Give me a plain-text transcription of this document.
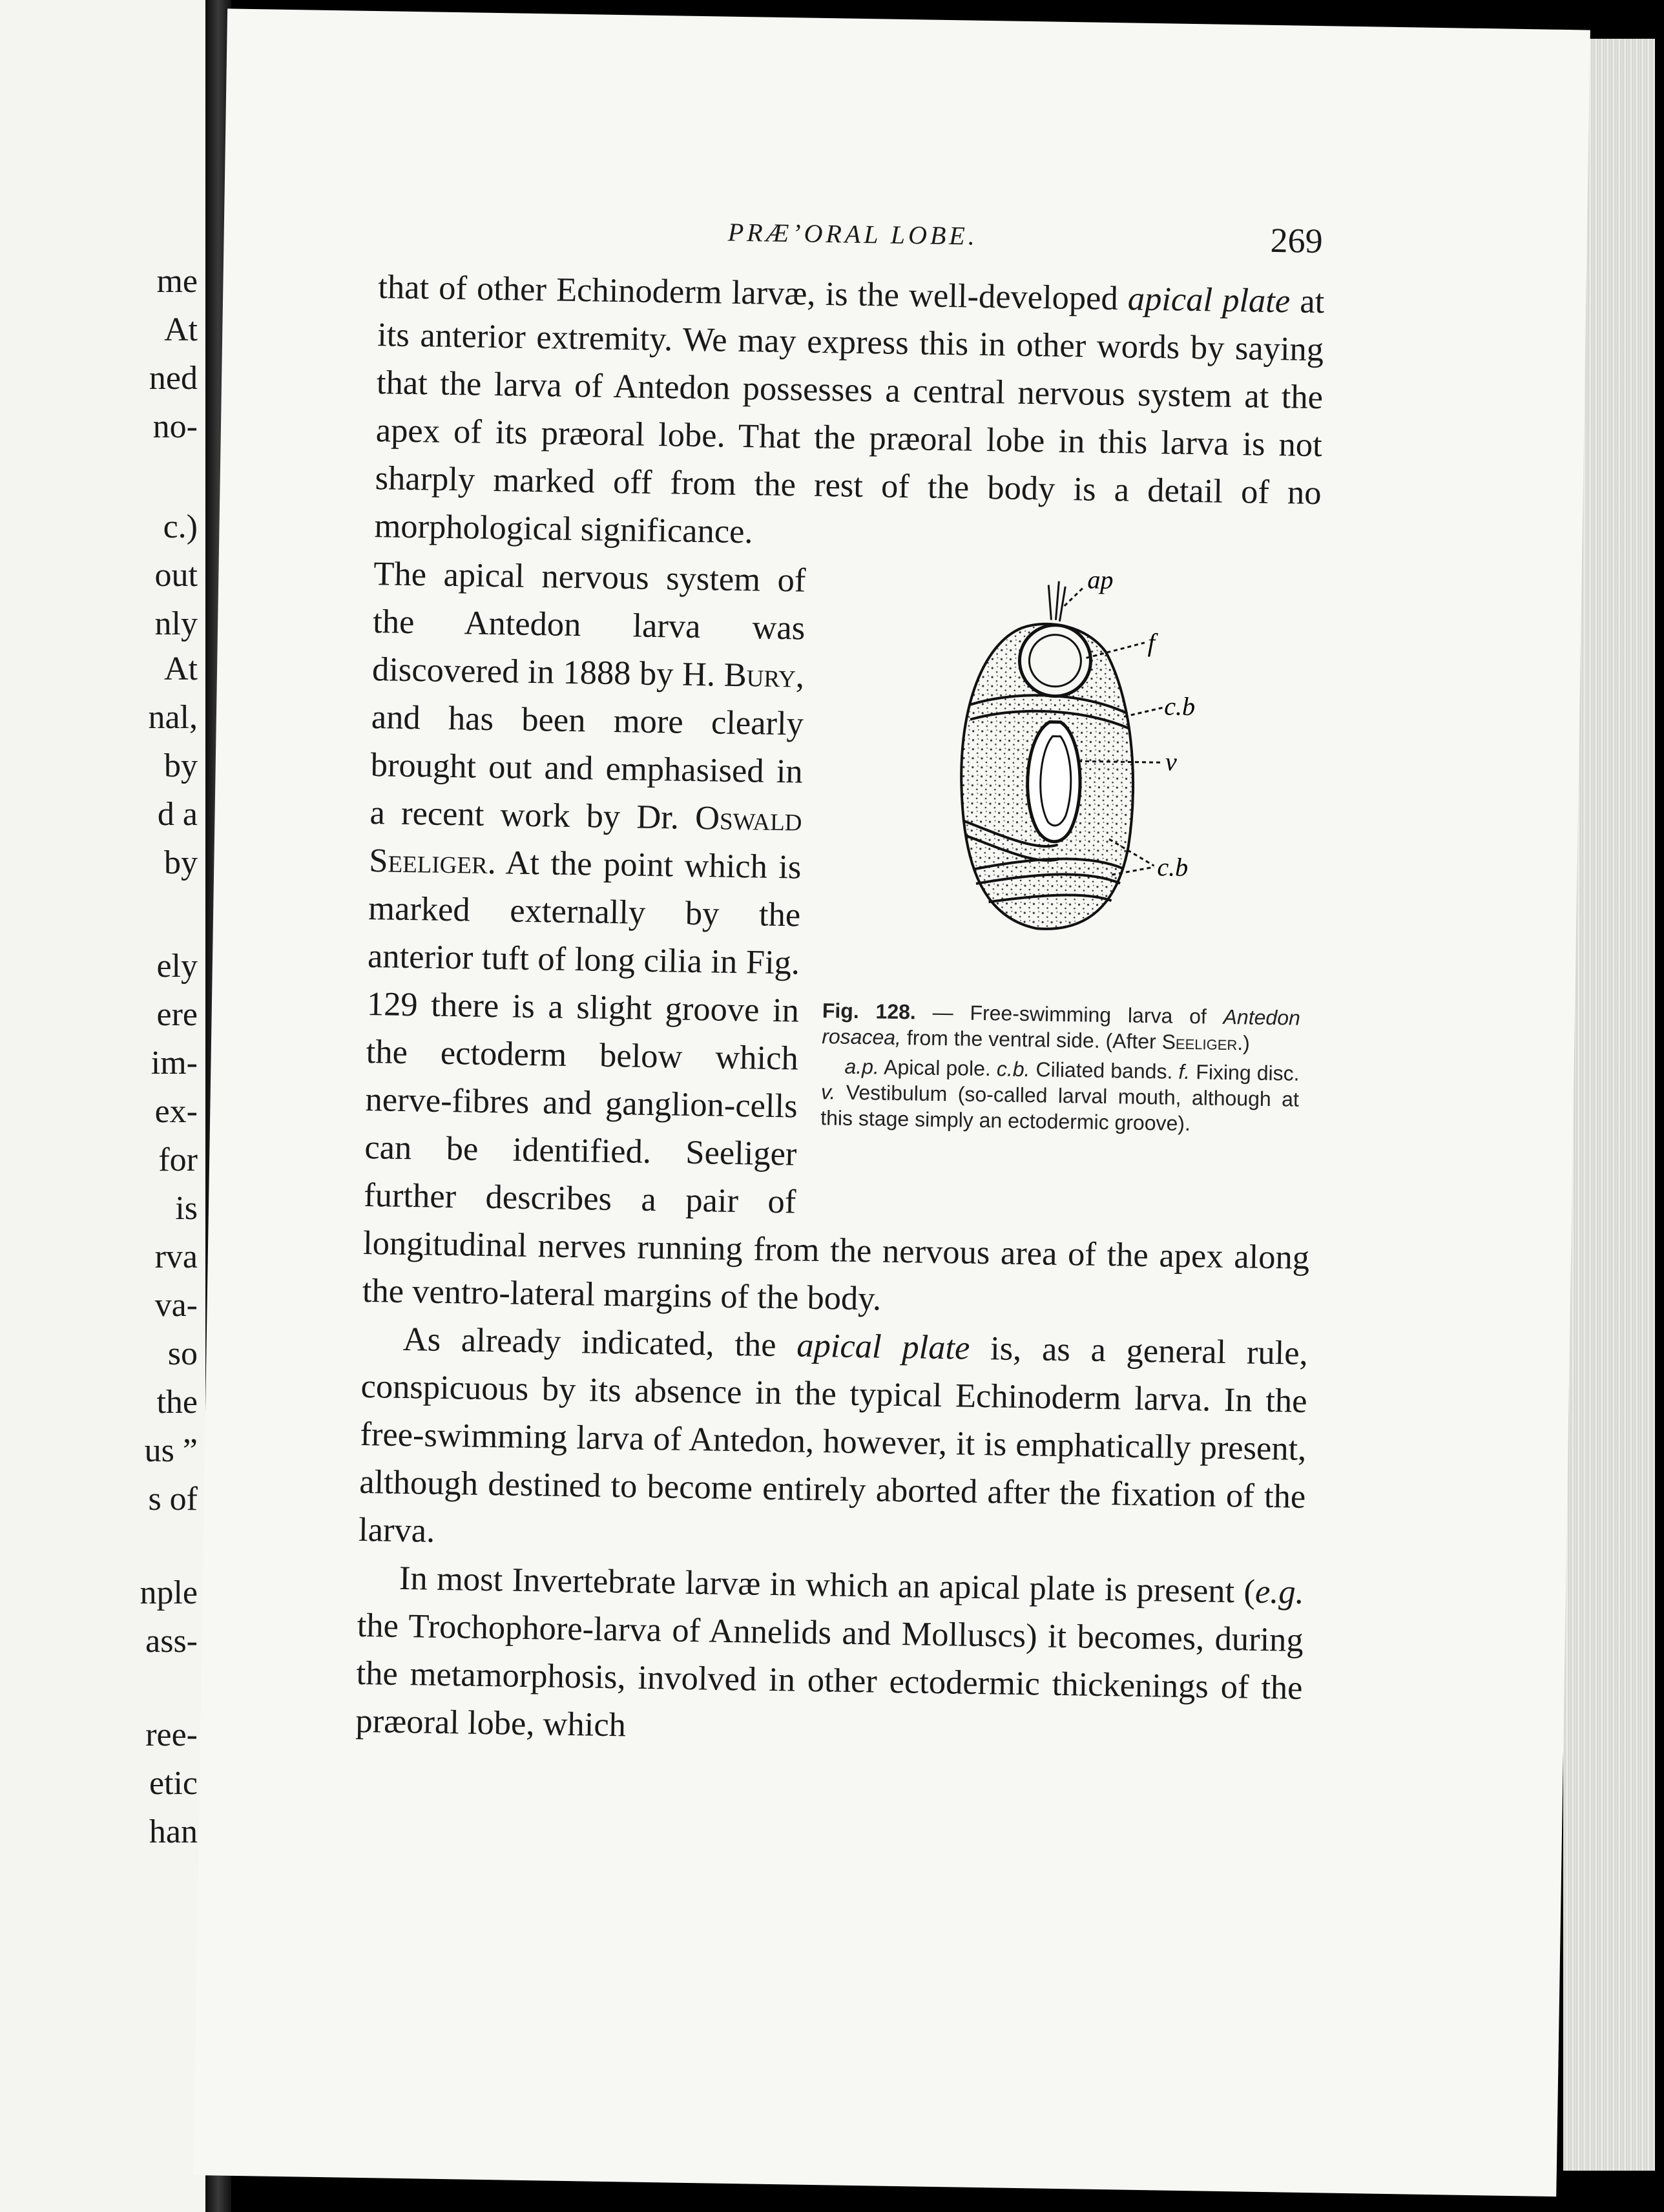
me
At
ned
no-
c.)
out
nly
At
nal,
by
d a
by
ely
ere
im-
ex-
for
is
rva
va-
so
the
us ”
s of
nple
ass-
ree-
etic
han
PRÆ’ORAL LOBE.	269

that of other Echinoderm larvæ, is the well-developed apical plate at its anterior extremity. We may express this in other words by saying that the larva of Antedon possesses a central nervous system at the apex of its præoral lobe. That the præoral lobe in this larva is not sharply marked off from the rest of the body is a detail of no morphological significance.

ap
f
c.b
v
c.b
Fig. 128. — Free-swimming larva of Antedon rosacea, from the ventral side. (After Seeliger.)
a.p. Apical pole. c.b. Ciliated bands. f. Fixing disc. v. Vestibulum (so-called larval mouth, although at this stage simply an ectodermic groove).

The apical nervous system of the Antedon larva was discovered in 1888 by H. Bury, and has been more clearly brought out and emphasised in a recent work by Dr. Oswald Seeliger. At the point which is marked externally by the anterior tuft of long cilia in Fig. 129 there is a slight groove in the ectoderm below which nerve-fibres and ganglion-cells can be identified. Seeliger further describes a pair of longitudinal nerves running from the nervous area of the apex along the ventro-lateral margins of the body.

As already indicated, the apical plate is, as a general rule, conspicuous by its absence in the typical Echinoderm larva. In the free-swimming larva of Antedon, however, it is emphatically present, although destined to become entirely aborted after the fixation of the larva.

In most Invertebrate larvæ in which an apical plate is present (e.g. the Trochophore-larva of Annelids and Molluscs) it becomes, during the metamorphosis, involved in other ectodermic thickenings of the præoral lobe, which
